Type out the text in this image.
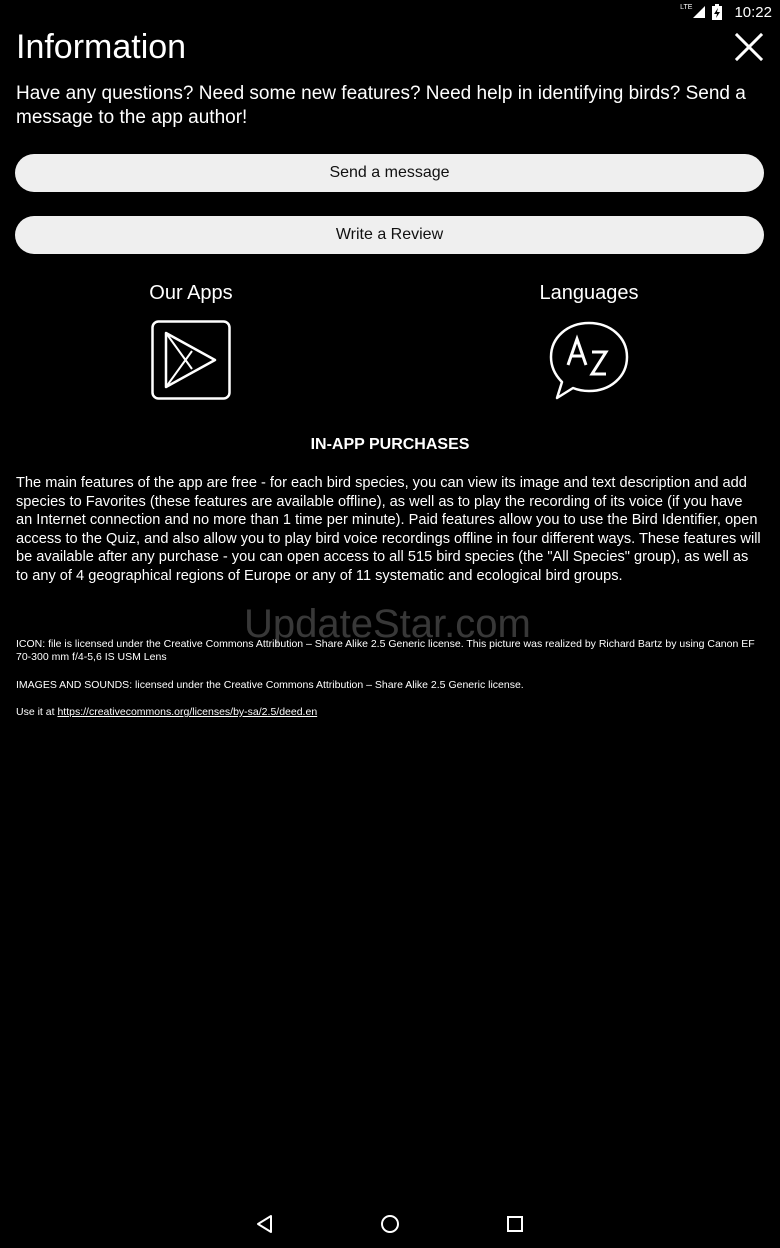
LTE	10:22
Information

Have any questions? Need some new features? Need help in identifying birds? Send a message to the app author!

Send a message
Write a Review
Our Apps	Languages
IN-APP PURCHASES

The main features of the app are free - for each bird species, you can view its image and text description and add species to Favorites (these features are available offline), as well as to play the recording of its voice (if you have an Internet connection and no more than 1 time per minute). Paid features allow you to use the Bird Identifier, open access to the Quiz, and also allow you to play bird voice recordings offline in four different ways. These features will be available after any purchase - you can open access to all 515 bird species (the "All Species" group), as well as to any of 4 geographical regions of Europe or any of 11 systematic and ecological bird groups.

UpdateStar.com

ICON: file is licensed under the Creative Commons Attribution – Share Alike 2.5 Generic license. This picture was realized by Richard Bartz by using Canon EF 70-300 mm f/4-5,6 IS USM Lens

IMAGES AND SOUNDS: licensed under the Creative Commons Attribution – Share Alike 2.5 Generic license.

Use it at https://creativecommons.org/licenses/by-sa/2.5/deed.en
